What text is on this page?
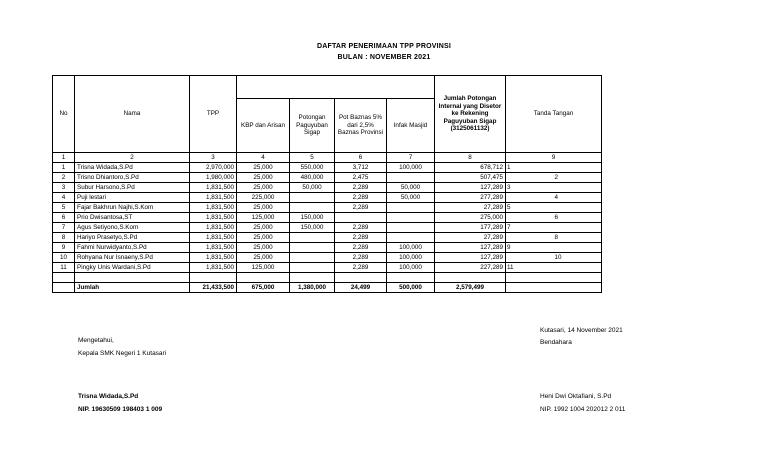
DAFTAR PENERIMAAN TPP PROVINSI
BULAN : NOVEMBER 2021
No	Nama	TPP					Jumlah Potongan Internal yang Disetor ke Rekening Paguyuban Sigap (3125061132)	Tanda Tangan
			KBP dan Arisan	Potongan Paguyuban Sigap	Pot Baznas 5% dari 2,5% Baznas Provinsi	Infak Masjid		
1	2	3	4	5	6	7	8	9
1	Trisna Widada,S.Pd	2,970,000	25,000	550,000	3,712	100,000	678,712	1

2	Trisno Dhiantoro,S.Pd	1,980,000	25,000	480,000	2,475		507,475	2

3	Subur Harsono,S.Pd	1,831,500	25,000	50,000	2,289	50,000	127,289	3

4	Puji lestari	1,831,500	225,000		2,289	50,000	277,289	4

5	Fajar Bakhrun Najhi,S.Kom	1,831,500	25,000		2,289		27,289	5

6	Prio Dwisantosa,ST	1,831,500	125,000	150,000			275,000	6

7	Agus Setiyono,S.Kom	1,831,500	25,000	150,000	2,289		177,289	7

8	Hariyo Prasetyo,S.Pd	1,831,500	25,000		2,289		27,289	8

9	Fahmi Nurwidyanto,S.Pd	1,831,500	25,000		2,289	100,000	127,289	9

10	Rohyana Nur Isnaeny,S.Pd	1,831,500	25,000		2,289	100,000	127,289	10

11	Pingky Unis Wardani,S.Pd	1,831,500	125,000		2,289	100,000	227,289	11

	Jumlah	21,433,500	675,000	1,380,000	24,499	500,000	2,579,499	
Kutasari, 14 November 2021
Bendahara
Mengetahui,
Kepala SMK Negeri 1 Kutasari
Trisna Widada,S.Pd
NIP. 19630509 198403 1 009
Heni Dwi Oktafiani, S.Pd
NIP. 1992 1004 202012 2 011
